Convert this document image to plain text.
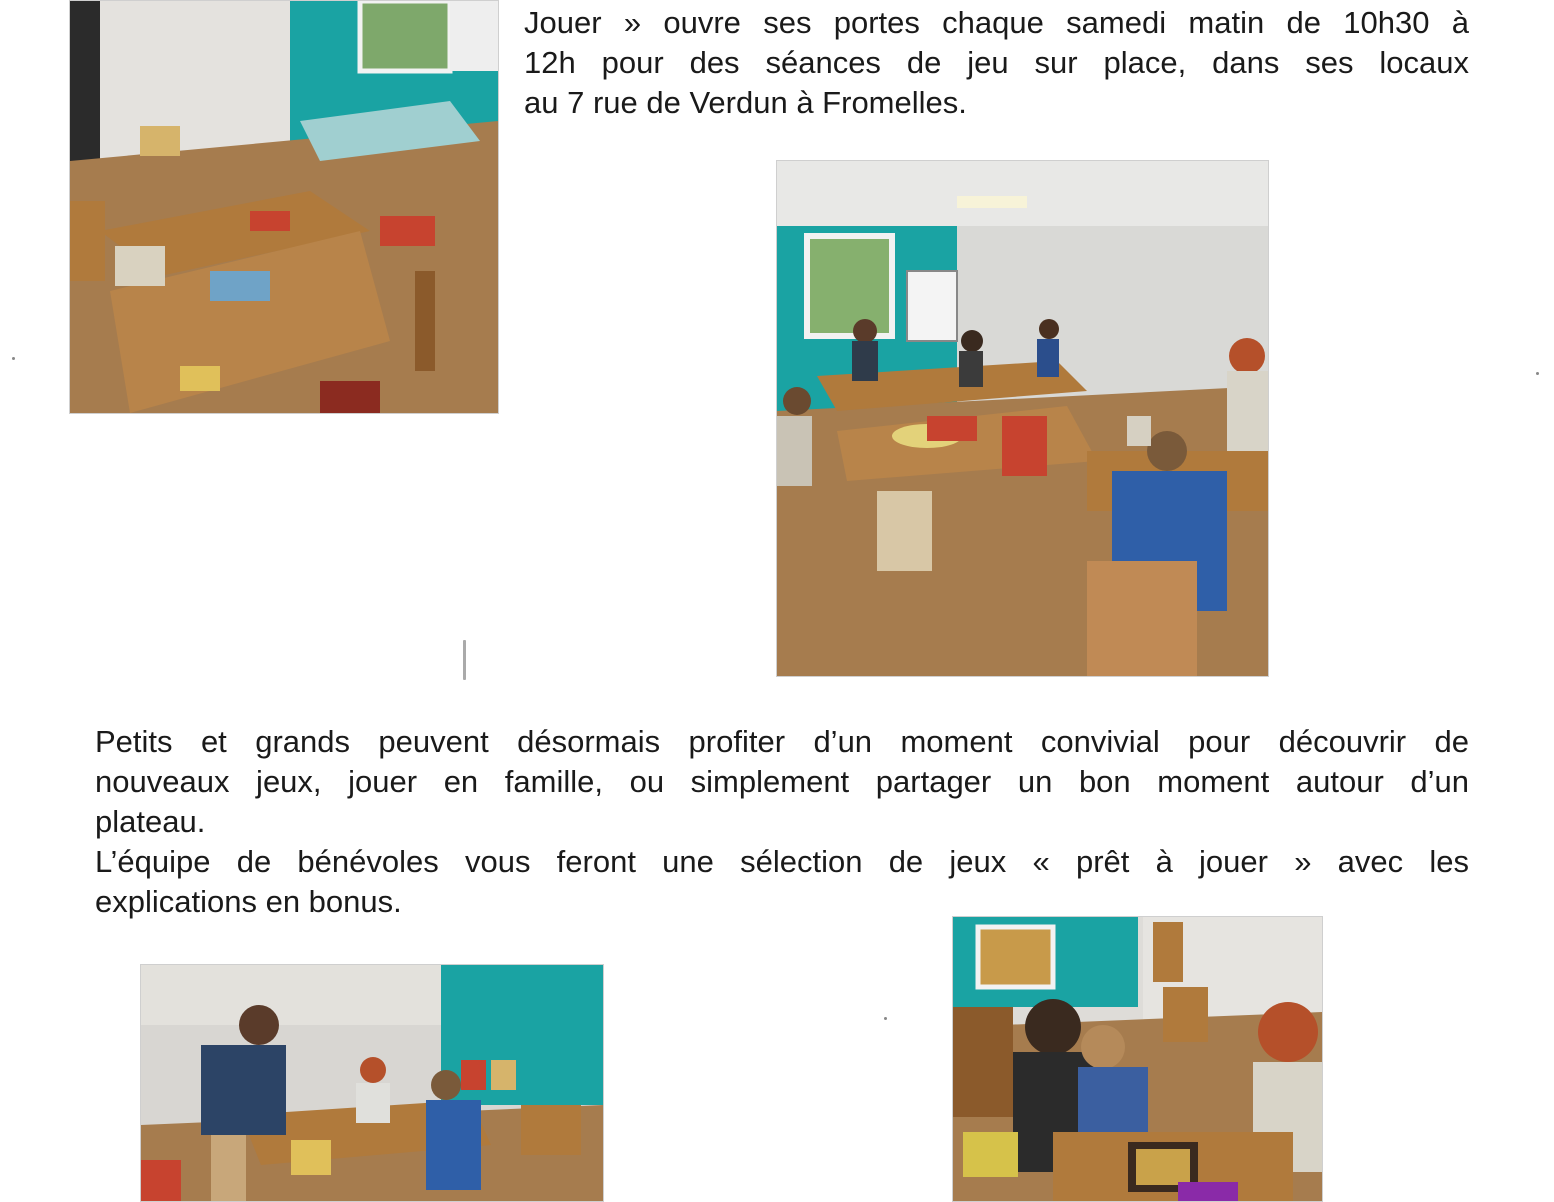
Jouer » ouvre ses portes chaque samedi matin de 10h30 à
12h pour des séances de jeu sur place, dans ses locaux
au 7 rue de Verdun à Fromelles.
Petits et grands peuvent désormais profiter d’un moment convivial pour découvrir de
nouveaux jeux, jouer en famille, ou simplement partager un bon moment autour d’un
plateau.
L’équipe de bénévoles vous feront une sélection de jeux « prêt à jouer » avec les
explications en bonus.
